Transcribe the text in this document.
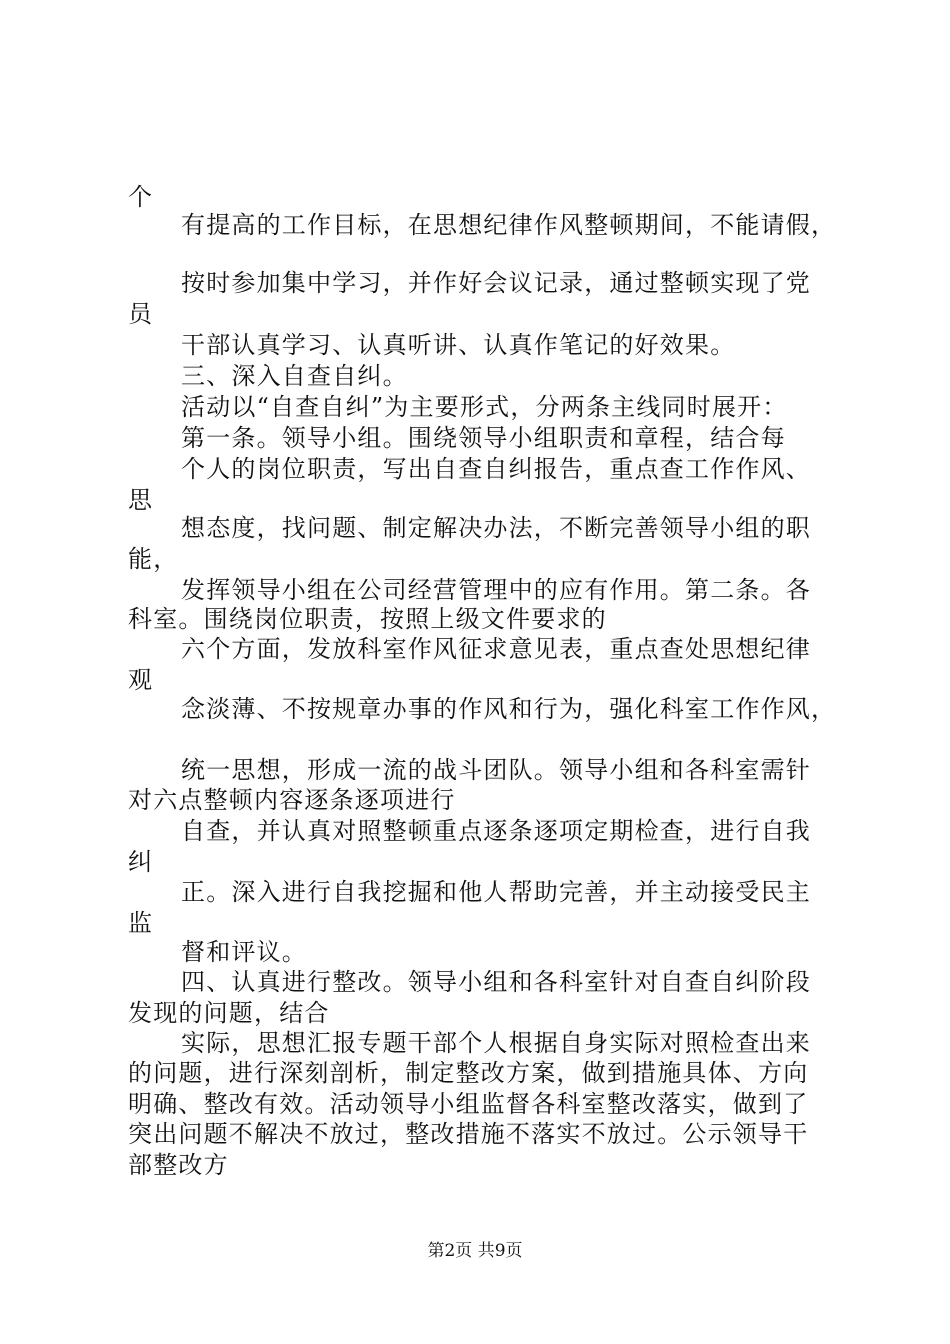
个
有提高的工作目标，在思想纪律作风整顿期间，不能请假，
按时参加集中学习，并作好会议记录，通过整顿实现了党
员
干部认真学习、认真听讲、认真作笔记的好效果。
三、深入自查自纠。
活动以“自查自纠”为主要形式，分两条主线同时展开：
第一条。领导小组。围绕领导小组职责和章程，结合每
个人的岗位职责，写出自查自纠报告，重点查工作作风、
思
想态度，找问题、制定解决办法，不断完善领导小组的职
能，
发挥领导小组在公司经营管理中的应有作用。第二条。各
科室。围绕岗位职责，按照上级文件要求的
六个方面，发放科室作风征求意见表，重点查处思想纪律
观
念淡薄、不按规章办事的作风和行为，强化科室工作作风，
统一思想，形成一流的战斗团队。领导小组和各科室需针
对六点整顿内容逐条逐项进行
自查，并认真对照整顿重点逐条逐项定期检查，进行自我
纠
正。深入进行自我挖掘和他人帮助完善，并主动接受民主
监
督和评议。
四、认真进行整改。领导小组和各科室针对自查自纠阶段
发现的问题，结合
实际，思想汇报专题干部个人根据自身实际对照检查出来
的问题，进行深刻剖析，制定整改方案，做到措施具体、方向
明确、整改有效。活动领导小组监督各科室整改落实，做到了
突出问题不解决不放过，整改措施不落实不放过。公示领导干
部整改方
第2页 共9页
